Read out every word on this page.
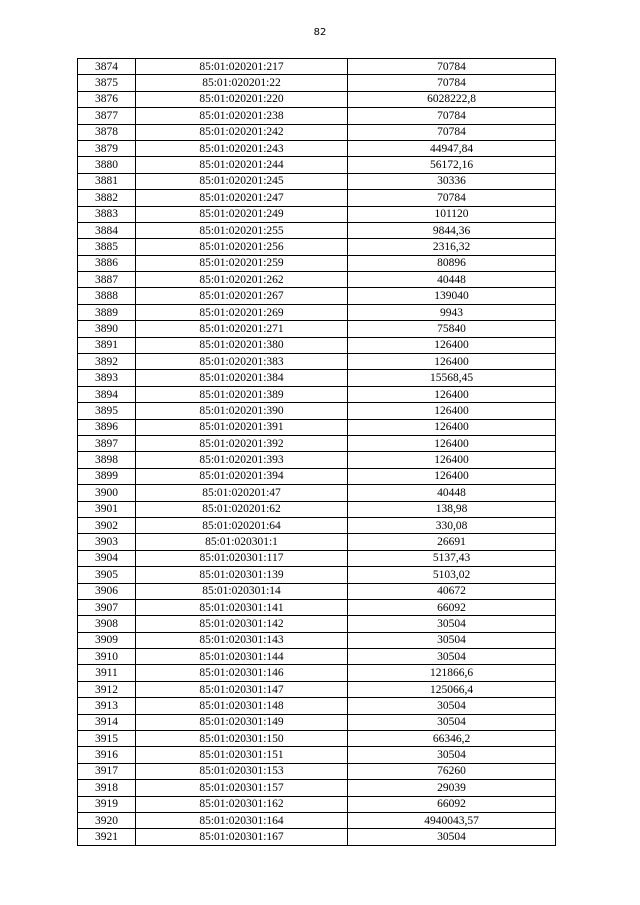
82
3874	85:01:020201:217	70784
3875	85:01:020201:22	70784
3876	85:01:020201:220	6028222,8
3877	85:01:020201:238	70784
3878	85:01:020201:242	70784
3879	85:01:020201:243	44947,84
3880	85:01:020201:244	56172,16
3881	85:01:020201:245	30336
3882	85:01:020201:247	70784
3883	85:01:020201:249	101120
3884	85:01:020201:255	9844,36
3885	85:01:020201:256	2316,32
3886	85:01:020201:259	80896
3887	85:01:020201:262	40448
3888	85:01:020201:267	139040
3889	85:01:020201:269	9943
3890	85:01:020201:271	75840
3891	85:01:020201:380	126400
3892	85:01:020201:383	126400
3893	85:01:020201:384	15568,45
3894	85:01:020201:389	126400
3895	85:01:020201:390	126400
3896	85:01:020201:391	126400
3897	85:01:020201:392	126400
3898	85:01:020201:393	126400
3899	85:01:020201:394	126400
3900	85:01:020201:47	40448
3901	85:01:020201:62	138,98
3902	85:01:020201:64	330,08
3903	85:01:020301:1	26691
3904	85:01:020301:117	5137,43
3905	85:01:020301:139	5103,02
3906	85:01:020301:14	40672
3907	85:01:020301:141	66092
3908	85:01:020301:142	30504
3909	85:01:020301:143	30504
3910	85:01:020301:144	30504
3911	85:01:020301:146	121866,6
3912	85:01:020301:147	125066,4
3913	85:01:020301:148	30504
3914	85:01:020301:149	30504
3915	85:01:020301:150	66346,2
3916	85:01:020301:151	30504
3917	85:01:020301:153	76260
3918	85:01:020301:157	29039
3919	85:01:020301:162	66092
3920	85:01:020301:164	4940043,57
3921	85:01:020301:167	30504
